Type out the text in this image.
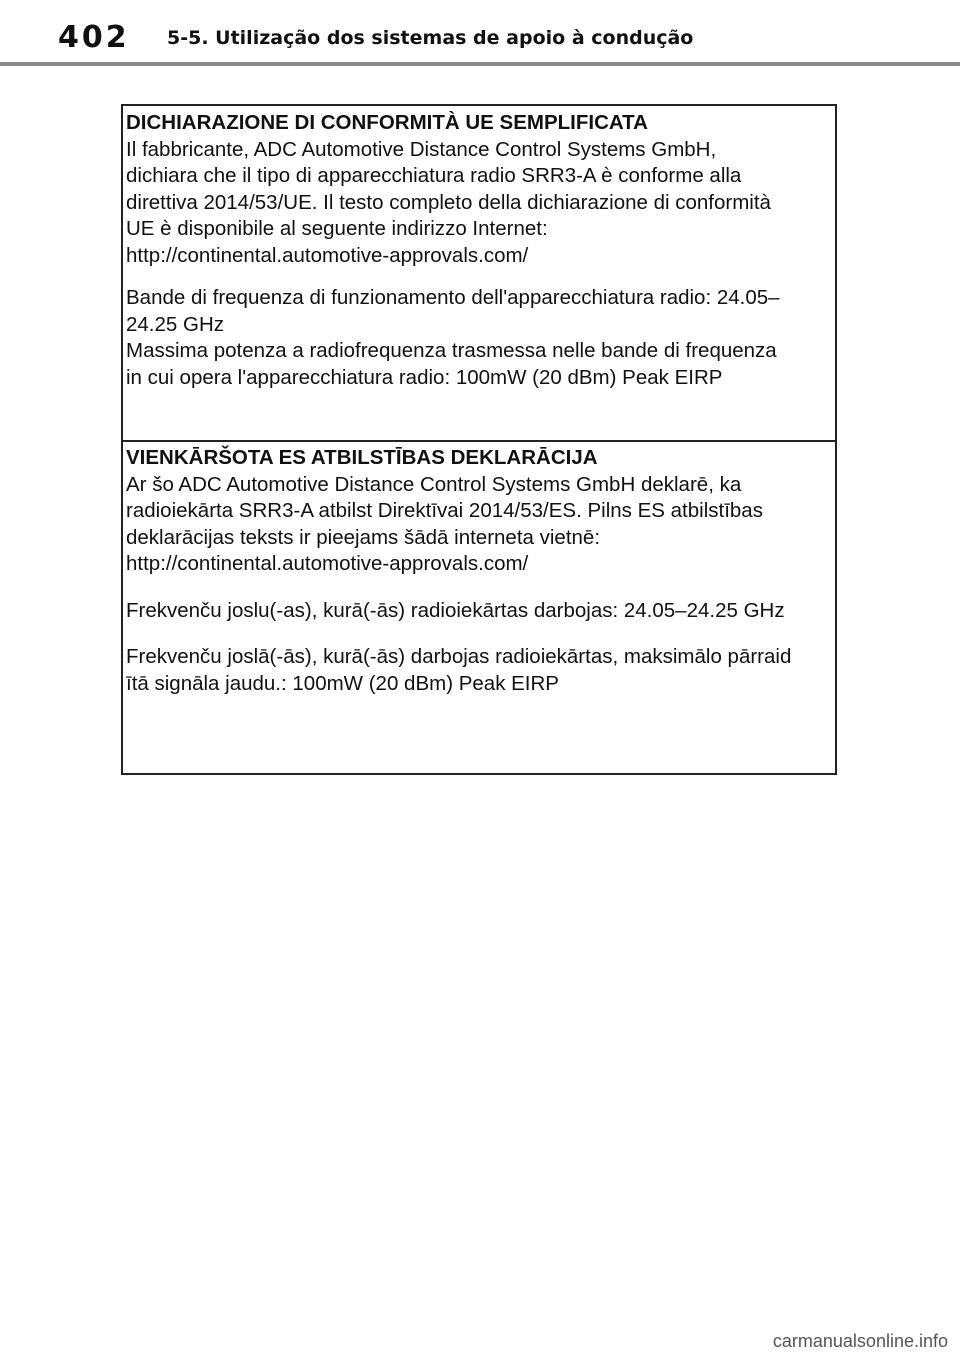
402 5-5. Utilização dos sistemas de apoio à condução
DICHIARAZIONE DI CONFORMITÀ UE SEMPLIFICATA
Il fabbricante, ADC Automotive Distance Control Systems GmbH,
dichiara che il tipo di apparecchiatura radio SRR3-A è conforme alla
direttiva 2014/53/UE. Il testo completo della dichiarazione di conformità
UE è disponibile al seguente indirizzo Internet:
http://continental.automotive-approvals.com/
Bande di frequenza di funzionamento dell'apparecchiatura radio: 24.05–
24.25 GHz
Massima potenza a radiofrequenza trasmessa nelle bande di frequenza
in cui opera l'apparecchiatura radio: 100mW (20 dBm) Peak EIRP
VIENKĀRŠOTA ES ATBILSTĪBAS DEKLARĀCIJA
Ar šo ADC Automotive Distance Control Systems GmbH deklarē, ka
radioiekārta SRR3-A atbilst Direktīvai 2014/53/ES. Pilns ES atbilstības
deklarācijas teksts ir pieejams šādā interneta vietnē:
http://continental.automotive-approvals.com/
Frekvenču joslu(-as), kurā(-ās) radioiekārtas darbojas: 24.05–24.25 GHz
Frekvenču joslā(-ās), kurā(-ās) darbojas radioiekārtas, maksimālo pārraid
ītā signāla jaudu.: 100mW (20 dBm) Peak EIRP
carmanualsonline.info
